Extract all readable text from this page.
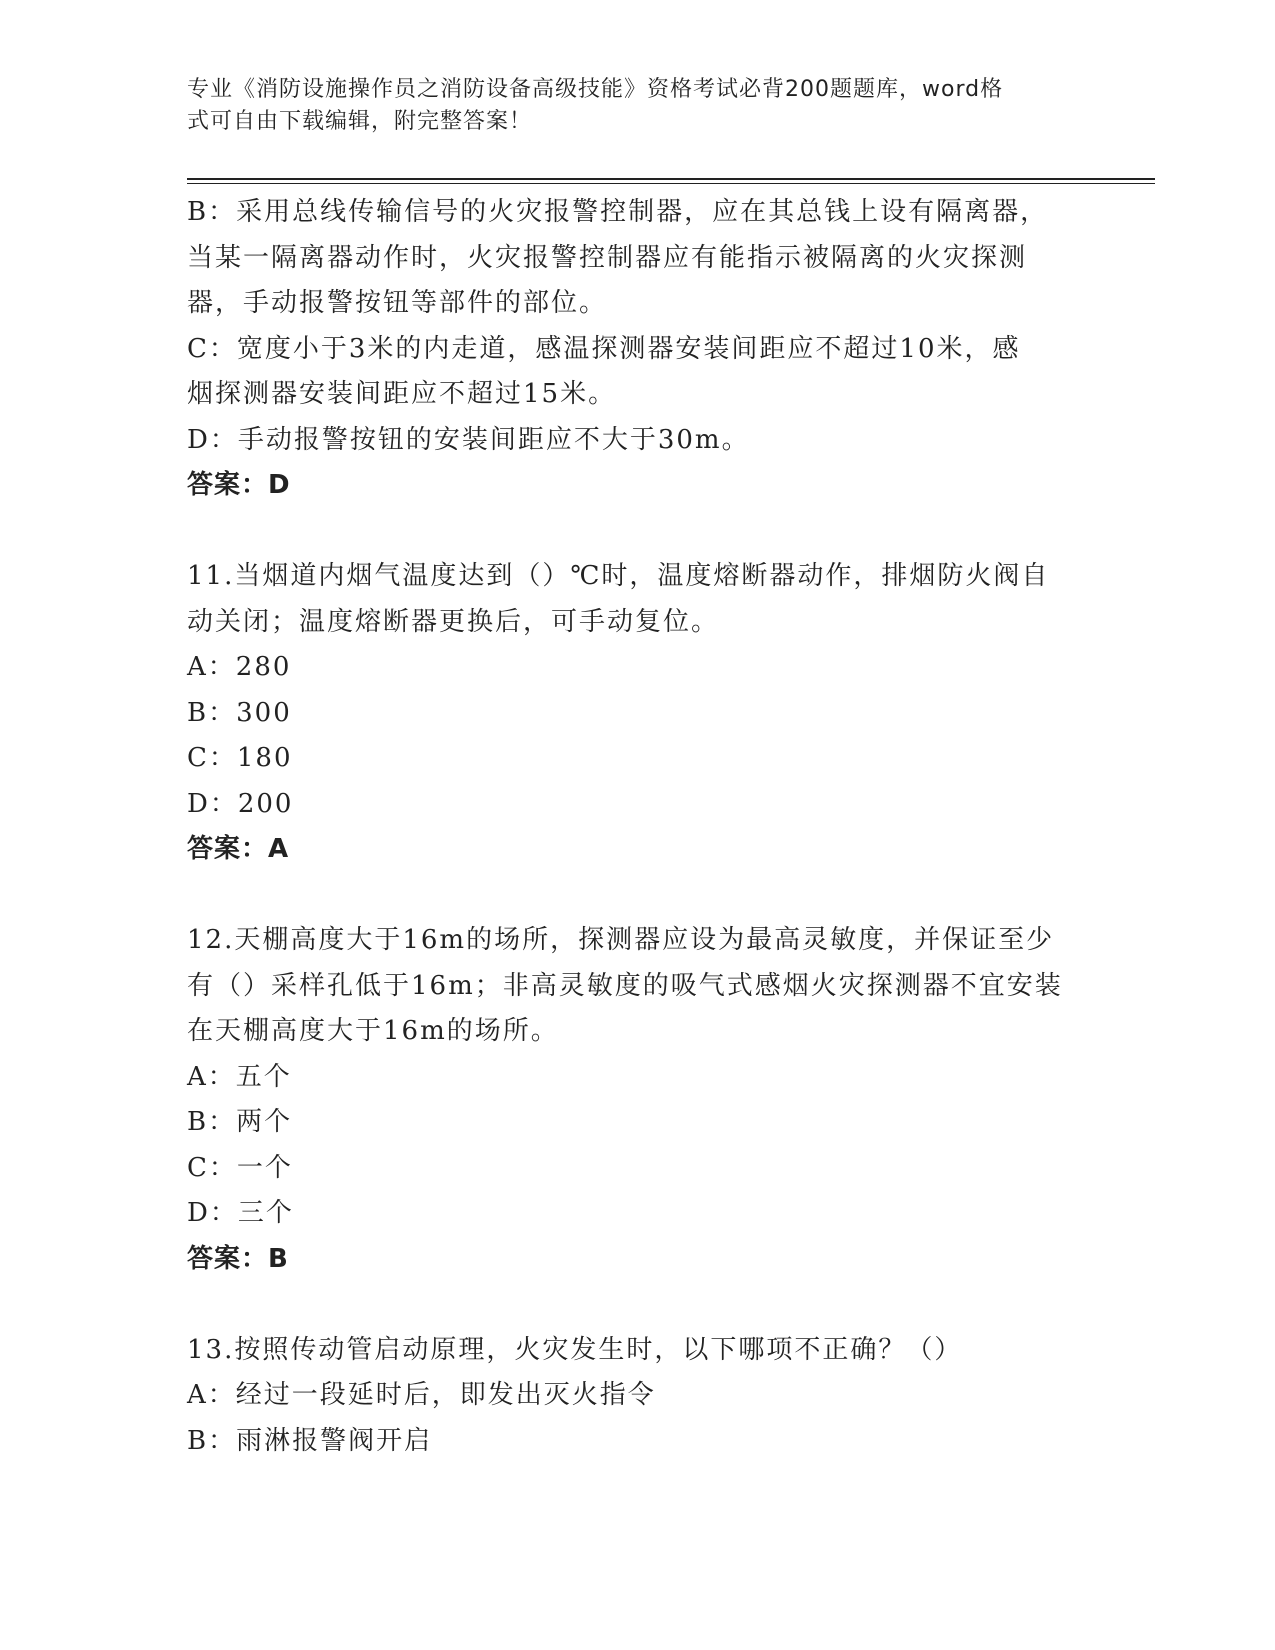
专业《消防设施操作员之消防设备高级技能》资格考试必背200题题库，word格
式可自由下载编辑，附完整答案！
B：采用总线传输信号的火灾报警控制器，应在其总钱上设有隔离器，
当某一隔离器动作时，火灾报警控制器应有能指示被隔离的火灾探测
器，手动报警按钮等部件的部位。
C：宽度小于3米的内走道，感温探测器安装间距应不超过10米，感
烟探测器安装间距应不超过15米。
D：手动报警按钮的安装间距应不大于30m。
答案：D
11.当烟道内烟气温度达到（）℃时，温度熔断器动作，排烟防火阀自
动关闭；温度熔断器更换后，可手动复位。
A：280
B：300
C：180
D：200
答案：A
12.天棚高度大于16m的场所，探测器应设为最高灵敏度，并保证至少
有（）采样孔低于16m；非高灵敏度的吸气式感烟火灾探测器不宜安装
在天棚高度大于16m的场所。
A：五个
B：两个
C：一个
D：三个
答案：B
13.按照传动管启动原理，火灾发生时，以下哪项不正确？（）
A：经过一段延时后，即发出灭火指令
B：雨淋报警阀开启
